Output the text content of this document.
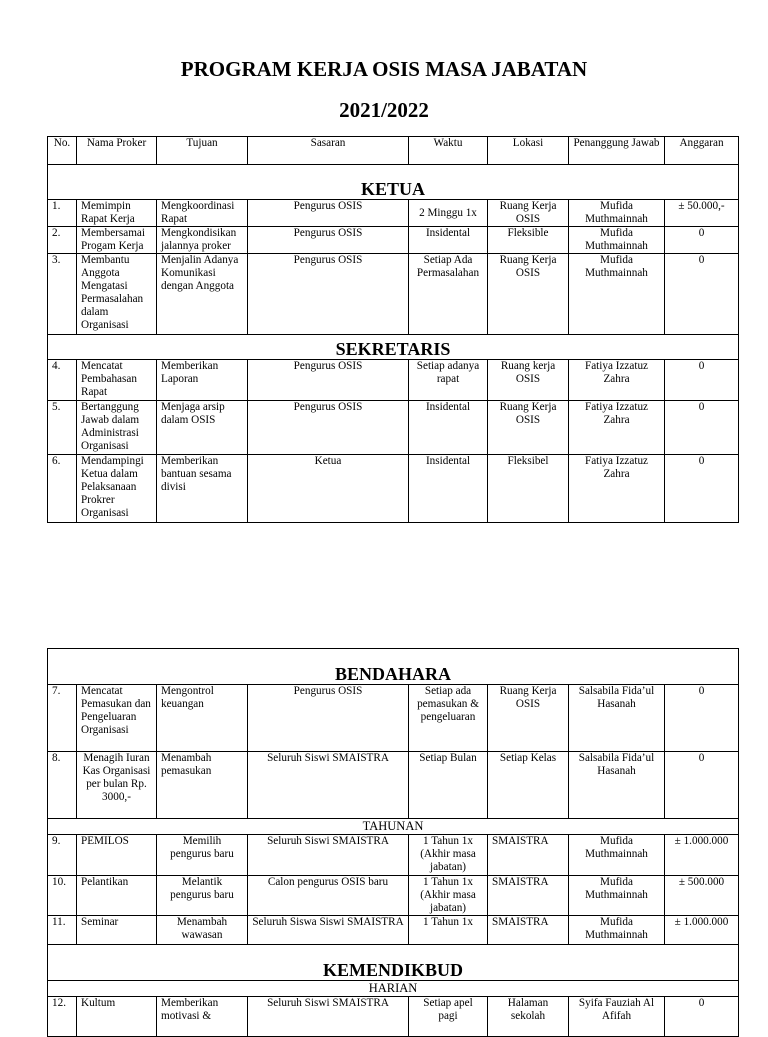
PROGRAM KERJA OSIS MASA JABATAN
2021/2022
No.	Nama Proker	Tujuan	Sasaran	Waktu	Lokasi	Penanggung Jawab	Anggaran
KETUA							
1.	Memimpin Rapat Kerja	Mengkoordinasi Rapat	Pengurus OSIS	2 Minggu 1x	Ruang Kerja OSIS	Mufida Muthmainnah	± 50.000,-
2.	Membersamai Progam Kerja	Mengkondisikan jalannya proker	Pengurus OSIS	Insidental	Fleksible	Mufida Muthmainnah	0
3.	Membantu Anggota Mengatasi Permasalahan dalam Organisasi	Menjalin Adanya Komunikasi dengan Anggota	Pengurus OSIS	Setiap Ada Permasalahan	Ruang Kerja OSIS	Mufida Muthmainnah	0
SEKRETARIS							
4.	Mencatat Pembahasan Rapat	Memberikan Laporan	Pengurus OSIS	Setiap adanya rapat	Ruang kerja OSIS	Fatiya Izzatuz Zahra	0
5.	Bertanggung Jawab dalam Administrasi Organisasi	Menjaga arsip dalam OSIS	Pengurus OSIS	Insidental	Ruang Kerja OSIS	Fatiya Izzatuz Zahra	0
6.	Mendampingi Ketua dalam Pelaksanaan Prokrer Organisasi	Memberikan bantuan sesama divisi	Ketua	Insidental	Fleksibel	Fatiya Izzatuz Zahra	0
BENDAHARA							
7.	Mencatat Pemasukan dan Pengeluaran Organisasi	Mengontrol keuangan	Pengurus OSIS	Setiap ada pemasukan & pengeluaran	Ruang Kerja OSIS	Salsabila Fida’ul Hasanah	0
8.	Menagih Iuran Kas Organisasi per bulan Rp. 3000,-	Menambah pemasukan	Seluruh Siswi SMAISTRA	Setiap Bulan	Setiap Kelas	Salsabila Fida’ul Hasanah	0
TAHUNAN							
9.	PEMILOS	Memilih pengurus baru	Seluruh Siswi SMAISTRA	1 Tahun 1x (Akhir masa jabatan)	SMAISTRA	Mufida Muthmainnah	± 1.000.000
10.	Pelantikan	Melantik pengurus baru	Calon pengurus OSIS baru	1 Tahun 1x (Akhir masa jabatan)	SMAISTRA	Mufida Muthmainnah	± 500.000
11.	Seminar	Menambah wawasan	Seluruh Siswa Siswi SMAISTRA	1 Tahun 1x	SMAISTRA	Mufida Muthmainnah	± 1.000.000
KEMENDIKBUD							
HARIAN							
12.	Kultum	Memberikan motivasi &	Seluruh Siswi SMAISTRA	Setiap apel pagi	Halaman sekolah	Syifa Fauziah Al Afifah	0
